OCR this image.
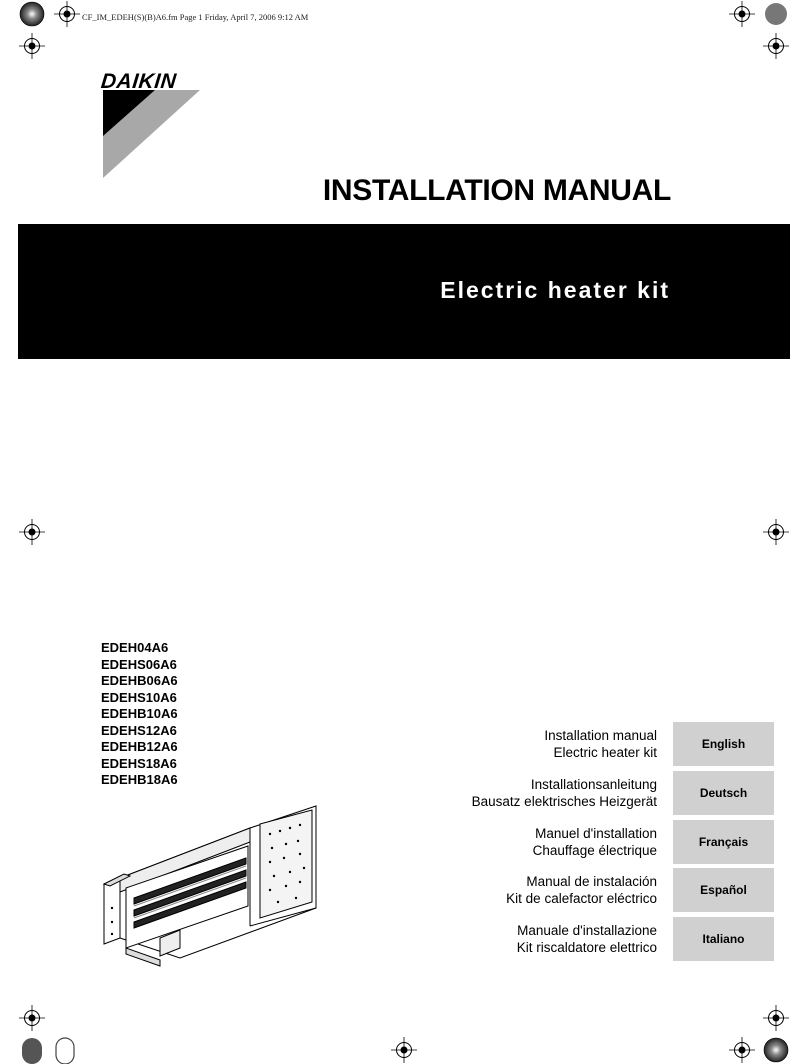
CF_IM_EDEH(S)(B)A6.fm Page 1 Friday, April 7, 2006 9:12 AM
DAIKIN
INSTALLATION MANUAL
Electric heater kit
EDEH04A6
EDEHS06A6
EDEHB06A6
EDEHS10A6
EDEHB10A6
EDEHS12A6
EDEHB12A6
EDEHS18A6
EDEHB18A6
Installation manual
Electric heater kit
English
Installationsanleitung
Bausatz elektrisches Heizgerät
Deutsch
Manuel d'installation
Chauffage électrique
Français
Manual de instalación
Kit de calefactor eléctrico
Español
Manuale d'installazione
Kit riscaldatore elettrico
Italiano
